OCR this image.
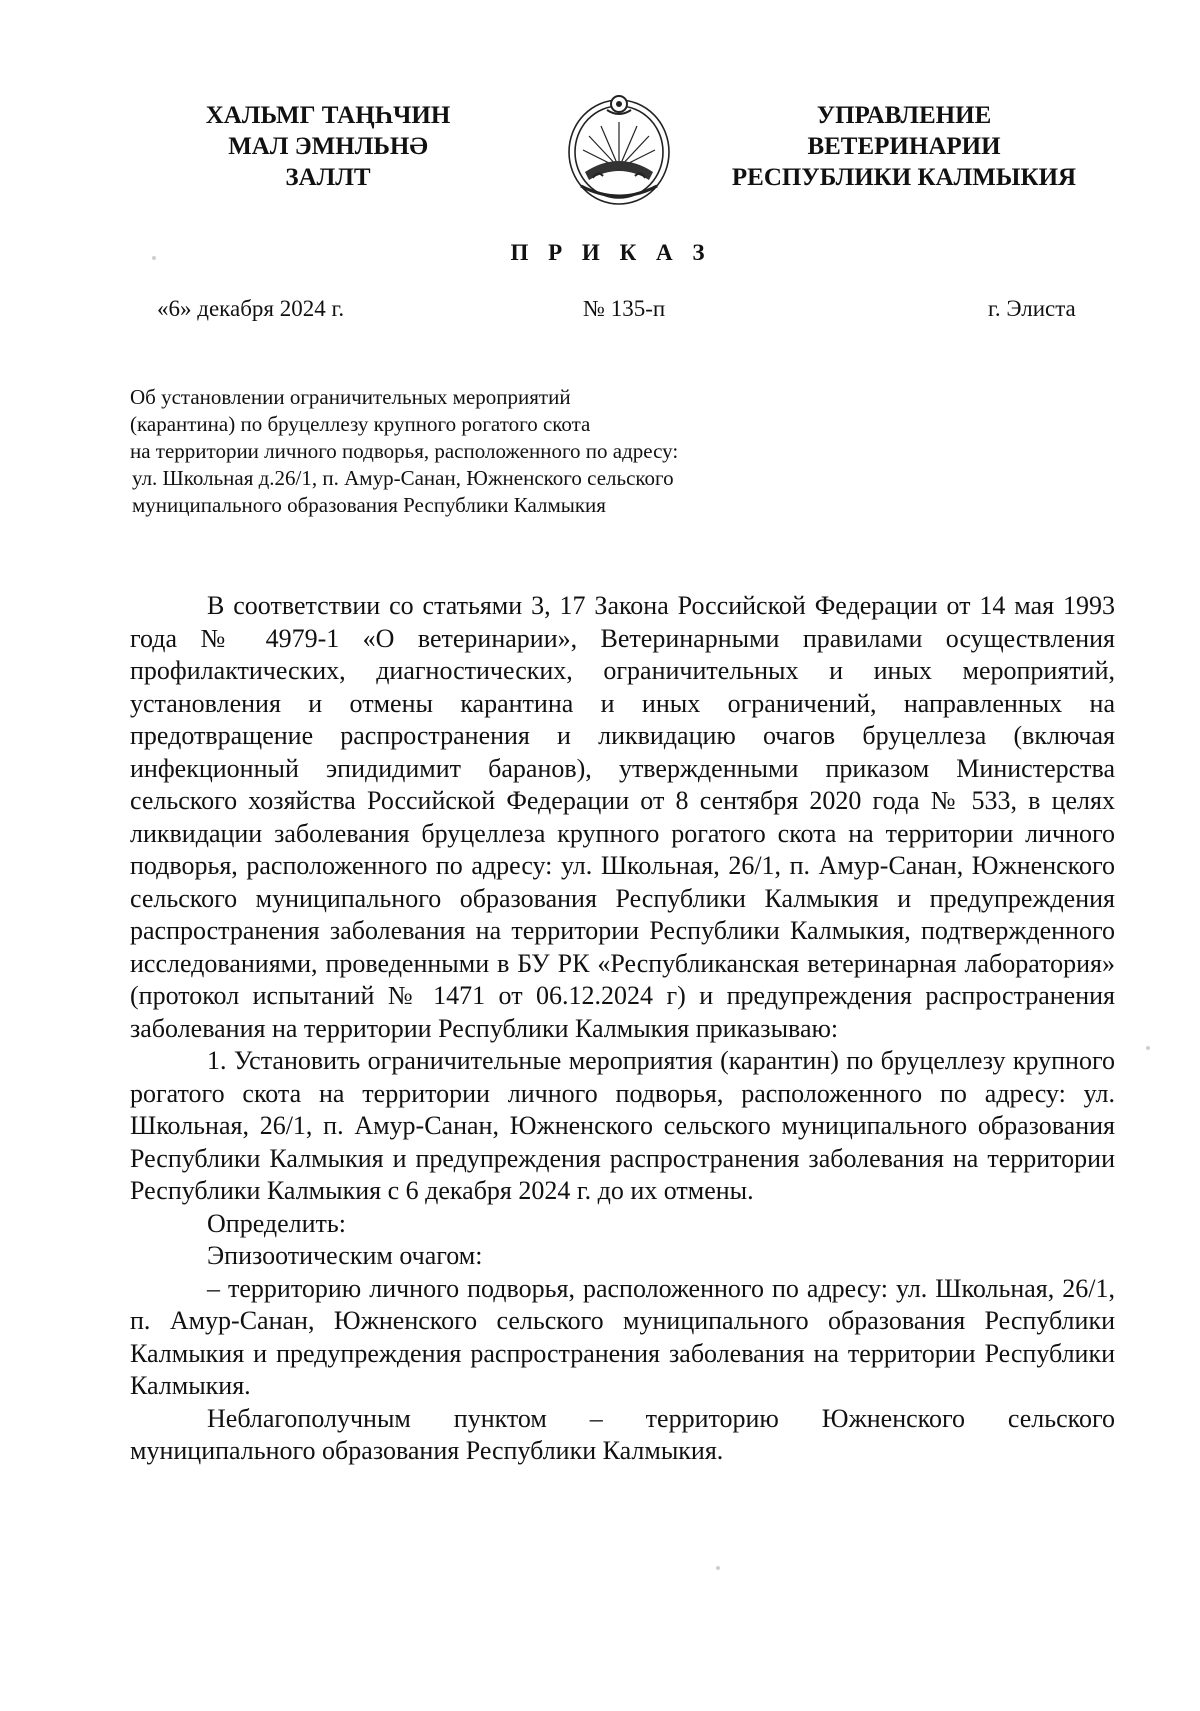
ХАЛЬМГ ТАҢҺЧИН
МАЛ ЭМНЛЬНӘ
ЗАЛЛТ
УПРАВЛЕНИЕ
ВЕТЕРИНАРИИ
РЕСПУБЛИКИ КАЛМЫКИЯ
П Р И К А З
«6» декабря 2024 г.	№ 135-п	г. Элиста
Об установлении ограничительных мероприятий
(карантина) по бруцеллезу крупного рогатого скота
на территории личного подворья, расположенного по адресу:
ул. Школьная д.26/1, п. Амур-Санан, Южненского сельского
муниципального образования Республики Калмыкия

В соответствии со статьями 3, 17 Закона Российской Федерации от 14 мая 1993 года № 4979-1 «О ветеринарии», Ветеринарными правилами осуществления профилактических, диагностических, ограничительных и иных мероприятий, установления и отмены карантина и иных ограничений, направленных на предотвращение распространения и ликвидацию очагов бруцеллеза (включая инфекционный эпидидимит баранов), утвержденными приказом Министерства сельского хозяйства Российской Федерации от 8 сентября 2020 года № 533, в целях ликвидации заболевания бруцеллеза крупного рогатого скота на территории личного подворья, расположенного по адресу: ул. Школьная, 26/1, п. Амур-Санан, Южненского сельского муниципального образования Республики Калмыкия и предупреждения распространения заболевания на территории Республики Калмыкия, подтвержденного исследованиями, проведенными в БУ РК «Республиканская ветеринарная лаборатория» (протокол испытаний № 1471 от 06.12.2024 г) и предупреждения распространения заболевания на территории Республики Калмыкия приказываю:

1. Установить ограничительные мероприятия (карантин) по бруцеллезу крупного рогатого скота на территории личного подворья, расположенного по адресу: ул. Школьная, 26/1, п. Амур-Санан, Южненского сельского муниципального образования Республики Калмыкия и предупреждения распространения заболевания на территории Республики Калмыкия с 6 декабря 2024 г. до их отмены.

Определить:

Эпизоотическим очагом:

– территорию личного подворья, расположенного по адресу: ул. Школьная, 26/1, п. Амур-Санан, Южненского сельского муниципального образования Республики Калмыкия и предупреждения распространения заболевания на территории Республики Калмыкия.

Неблагополучным пунктом – территорию Южненского сельского муниципального образования Республики Калмыкия.
